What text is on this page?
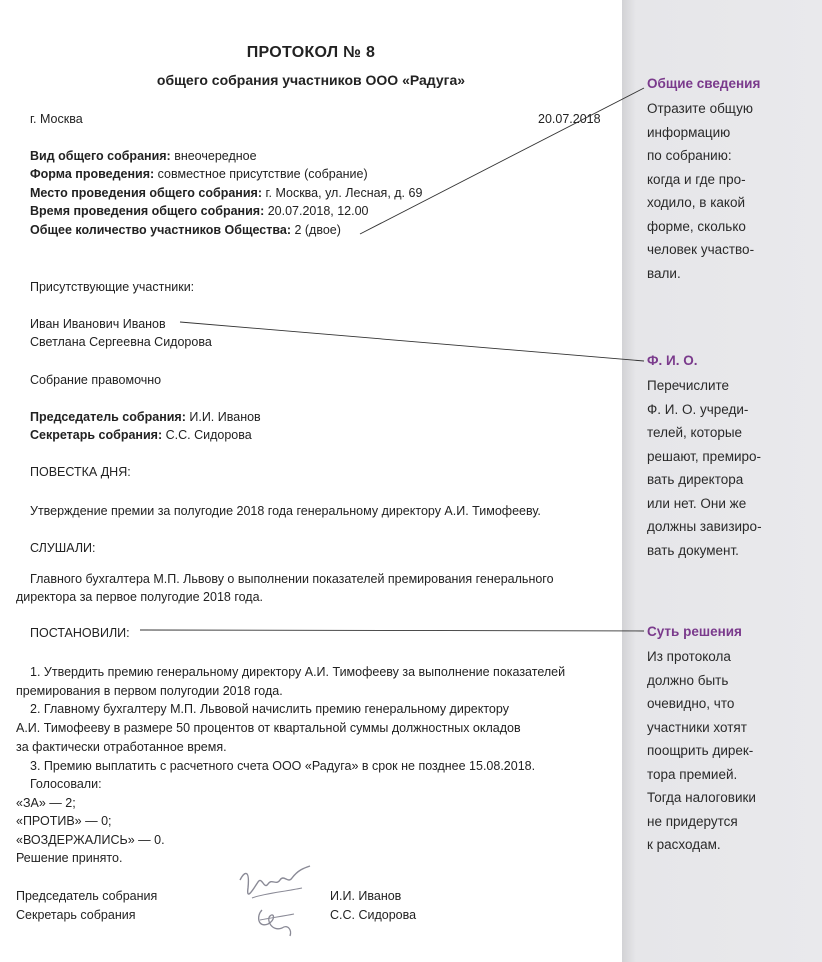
ПРОТОКОЛ № 8
общего собрания участников ООО «Радуга»
г. Москва	20.07.2018
Вид общего собрания: внеочередное
Форма проведения: совместное присутствие (собрание)
Место проведения общего собрания: г. Москва, ул. Лесная, д. 69
Время проведения общего собрания: 20.07.2018, 12.00
Общее количество участников Общества: 2 (двое)
Присутствующие участники:
Иван Иванович Иванов
Светлана Сергеевна Сидорова
Собрание правомочно
Председатель собрания: И.И. Иванов
Секретарь собрания: С.С. Сидорова
ПОВЕСТКА ДНЯ:
Утверждение премии за полугодие 2018 года генеральному директору А.И. Тимофееву.
СЛУШАЛИ:
Главного бухгалтера М.П. Львову о выполнении показателей премирования генерального
директора за первое полугодие 2018 года.
ПОСТАНОВИЛИ:
1. Утвердить премию генеральному директору А.И. Тимофееву за выполнение показателей
премирования в первом полугодии 2018 года.
2. Главному бухгалтеру М.П. Львовой начислить премию генеральному директору
А.И. Тимофееву в размере 50 процентов от квартальной суммы должностных окладов
за фактически отработанное время.
3. Премию выплатить с расчетного счета ООО «Радуга» в срок не позднее 15.08.2018.
Голосовали:
«ЗА» — 2;
«ПРОТИВ» — 0;
«ВОЗДЕРЖАЛИСЬ» — 0.
Решение принято.
Председатель собрания
Секретарь собрания
И.И. Иванов
С.С. Сидорова
Общие сведения
Отразите общую
информацию
по собранию:
когда и где про-
ходило, в какой
форме, сколько
человек участво-
вали.
Ф. И. О.
Перечислите
Ф. И. О. учреди-
телей, которые
решают, премиро-
вать директора
или нет. Они же
должны завизиро-
вать документ.
Суть решения
Из протокола
должно быть
очевидно, что
участники хотят
поощрить дирек-
тора премией.
Тогда налоговики
не придерутся
к расходам.
